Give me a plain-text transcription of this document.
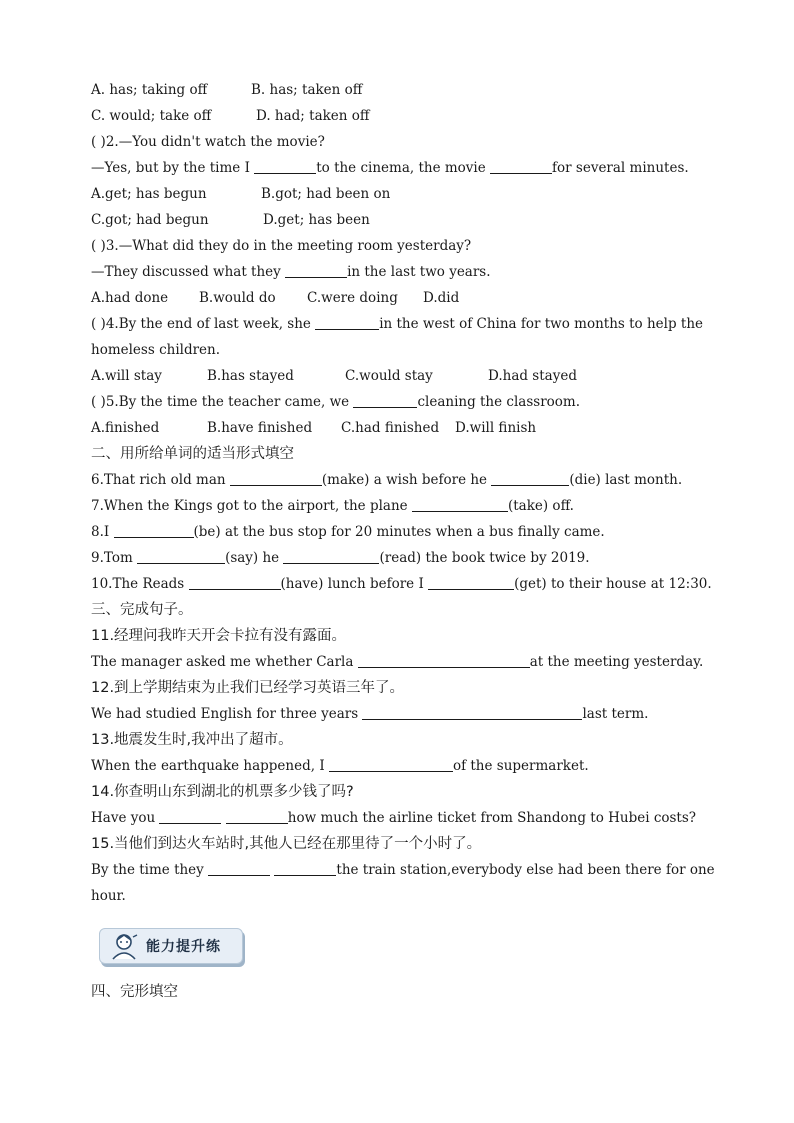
A. has; taking off	B. has; taken off
C. would; take off	D. had; taken off
( )2.—You didn't watch the movie?
—Yes, but by the time I	to the cinema, the movie	for several minutes.
A.get; has begun	B.got; had been on
C.got; had begun	D.get; has been
( )3.—What did they do in the meeting room yesterday?
—They discussed what they	in the last two years.
A.had done B.would do C.were doing D.did
( )4.By the end of last week, she	in the west of China for two months to help the homeless children.
A.will stay	B.has stayed	C.would stay	D.had stayed
( )5.By the time the teacher came, we	cleaning the classroom.
A.finished	B.have finished C.had finished D.will finish
二、用所给单词的适当形式填空
6.That rich old man	(make) a wish before he	(die) last month.
7.When the Kings got to the airport, the plane	(take) off.
8.I	(be) at the bus stop for 20 minutes when a bus finally came.
9.Tom	(say) he	(read) the book twice by 2019.
10.The Reads	(have) lunch before I	(get) to their house at 12:30.
三、完成句子。
11.经理问我昨天开会卡拉有没有露面。
The manager asked me whether Carla	at the meeting yesterday.
12.到上学期结束为止我们已经学习英语三年了。
We had studied English for three years	last term.
13.地震发生时,我冲出了超市。
When the earthquake happened, I	of the supermarket.
14.你查明山东到湖北的机票多少钱了吗?
Have you	how much the airline ticket from Shandong to Hubei costs?
15.当他们到达火车站时,其他人已经在那里待了一个小时了。
By the time they	the train station,everybody else had been there for one
hour.
能力提升练
四、完形填空
